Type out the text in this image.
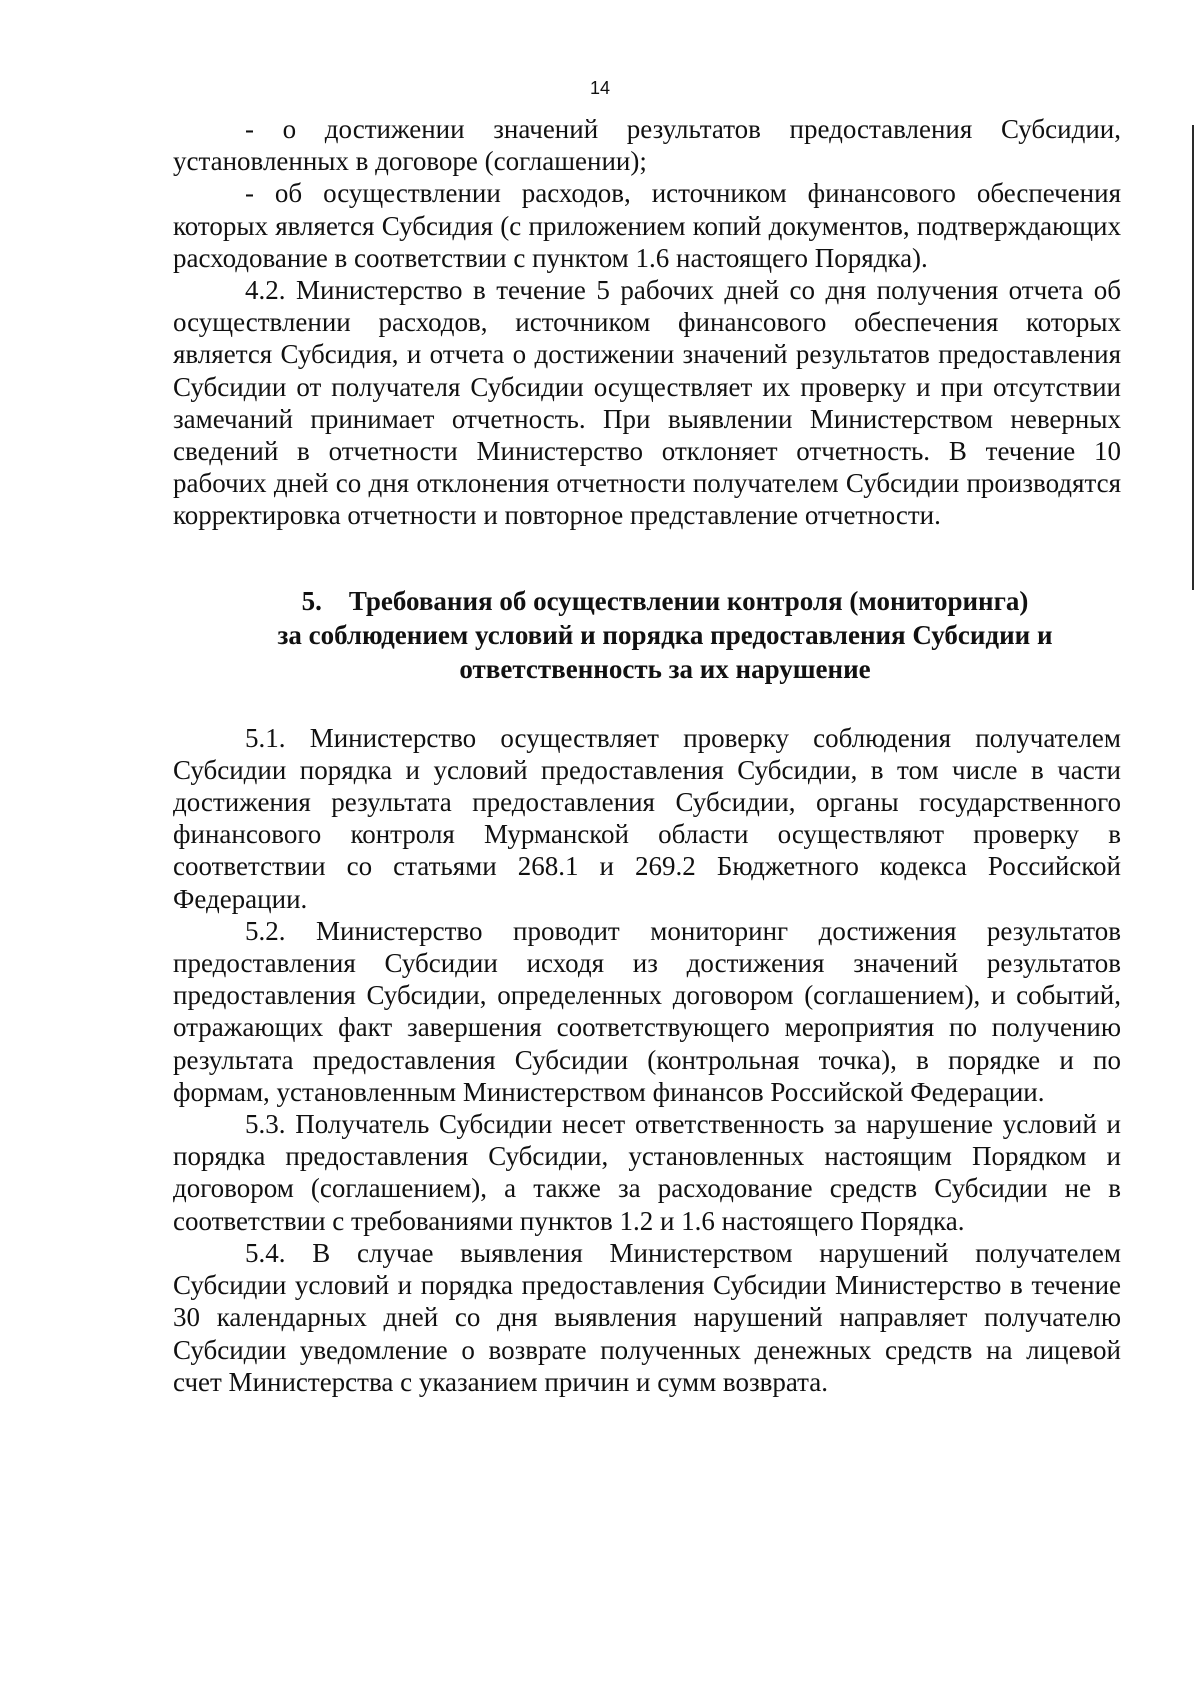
14

- о достижении значений результатов предоставления Субсидии, установленных в договоре (соглашении);

- об осуществлении расходов, источником финансового обеспечения которых является Субсидия (с приложением копий документов, подтверждающих расходование в соответствии с пунктом 1.6 настоящего Порядка).

4.2. Министерство в течение 5 рабочих дней со дня получения отчета об осуществлении расходов, источником финансового обеспечения которых является Субсидия, и отчета о достижении значений результатов предоставления Субсидии от получателя Субсидии осуществляет их проверку и при отсутствии замечаний принимает отчетность. При выявлении Министерством неверных сведений в отчетности Министерство отклоняет отчетность. В течение 10 рабочих дней со дня отклонения отчетности получателем Субсидии производятся корректировка отчетности и повторное представление отчетности.

5.    Требования об осуществлении контроля (мониторинга)
за соблюдением условий и порядка предоставления Субсидии и
ответственность за их нарушение

5.1. Министерство осуществляет проверку соблюдения получателем Субсидии порядка и условий предоставления Субсидии, в том числе в части достижения результата предоставления Субсидии, органы государственного финансового контроля Мурманской области осуществляют проверку в соответствии со статьями 268.1 и 269.2 Бюджетного кодекса Российской Федерации.

5.2. Министерство проводит мониторинг достижения результатов предоставления Субсидии исходя из достижения значений результатов предоставления Субсидии, определенных договором (соглашением), и событий, отражающих факт завершения соответствующего мероприятия по получению результата предоставления Субсидии (контрольная точка), в порядке и по формам, установленным Министерством финансов Российской Федерации.

5.3. Получатель Субсидии несет ответственность за нарушение условий и порядка предоставления Субсидии, установленных настоящим Порядком и договором (соглашением), а также за расходование средств Субсидии не в соответствии с требованиями пунктов 1.2 и 1.6 настоящего Порядка.

5.4. В случае выявления Министерством нарушений получателем Субсидии условий и порядка предоставления Субсидии Министерство в течение 30 календарных дней со дня выявления нарушений направляет получателю Субсидии уведомление о возврате полученных денежных средств на лицевой счет Министерства с указанием причин и сумм возврата.
